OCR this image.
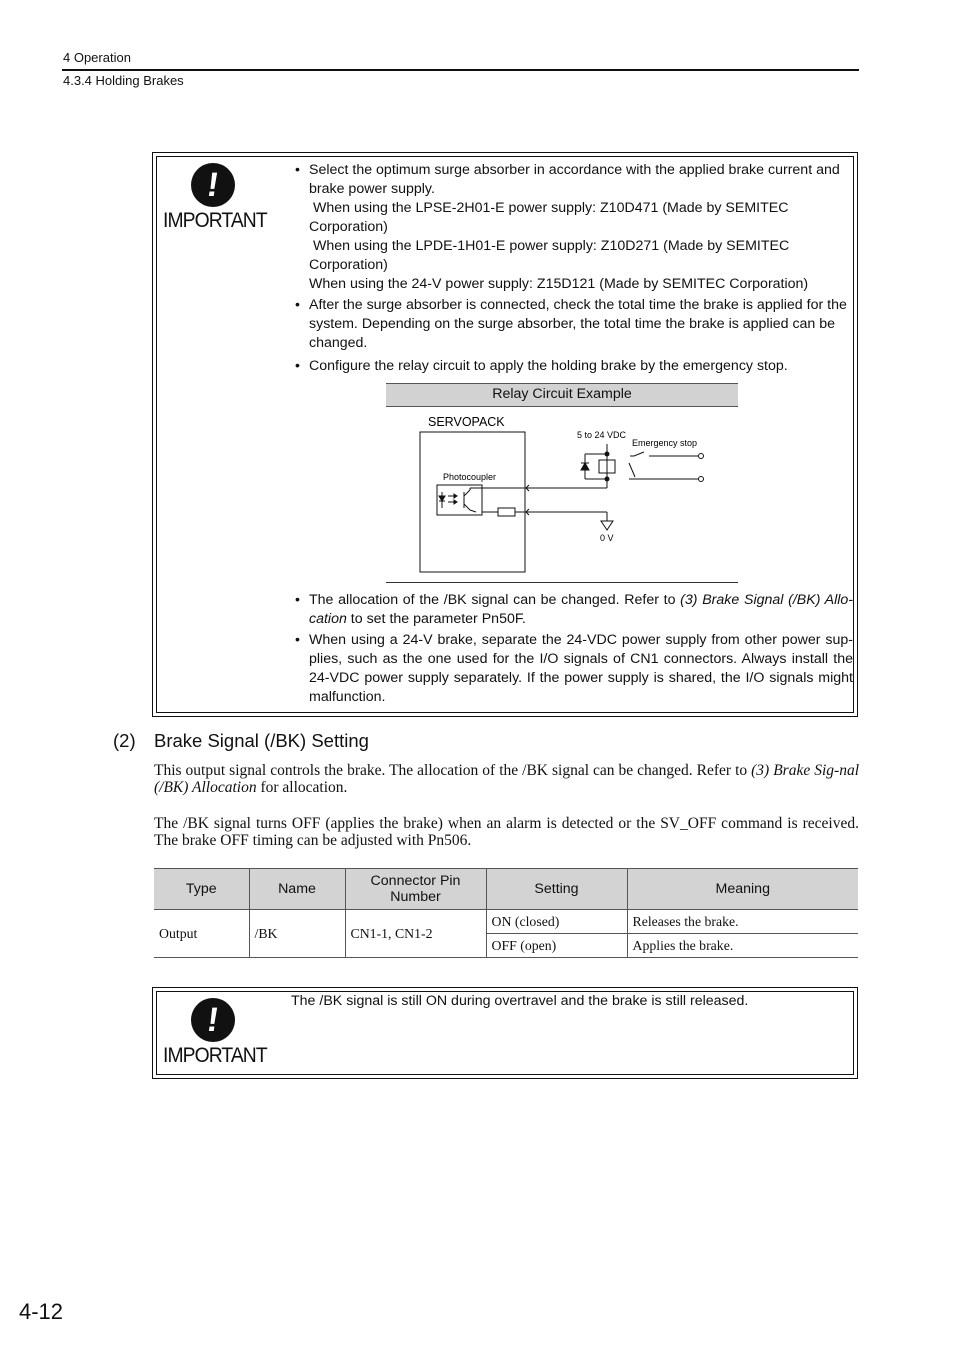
4 Operation
4.3.4 Holding Brakes
!
IMPORTANT
• Select the optimum surge absorber in accordance with the applied brake current and brake power supply.
When using the LPSE-2H01-E power supply: Z10D471 (Made by SEMITEC Corporation)
When using the LPDE-1H01-E power supply: Z10D271 (Made by SEMITEC Corporation)
When using the 24-V power supply: Z15D121 (Made by SEMITEC Corporation)
• After the surge absorber is connected, check the total time the brake is applied for the system. Depending on the surge absorber, the total time the brake is applied can be changed.
• Configure the relay circuit to apply the holding brake by the emergency stop.
• The allocation of the /BK signal can be changed. Refer to (3) Brake Signal (/BK) Allo-cation to set the parameter Pn50F.
• When using a 24-V brake, separate the 24-VDC power supply from other power sup-plies, such as the one used for the I/O signals of CN1 connectors. Always install the 24-VDC power supply separately. If the power supply is shared, the I/O signals might malfunction.
Relay Circuit Example
SERVOPACK
Photocoupler
5 to 24 VDC
Emergency stop
0 V
(2) Brake Signal (/BK) Setting
This output signal controls the brake. The allocation of the /BK signal can be changed. Refer to (3) Brake Sig-nal (/BK) Allocation for allocation.
The /BK signal turns OFF (applies the brake) when an alarm is detected or the SV_OFF command is received. The brake OFF timing can be adjusted with Pn506.
Type	Name	Connector Pin Number	Setting	Meaning
Output	/BK	CN1-1, CN1-2	ON (closed)	Releases the brake.
			OFF (open)	Applies the brake.
!
IMPORTANT
The /BK signal is still ON during overtravel and the brake is still released.
4-12
